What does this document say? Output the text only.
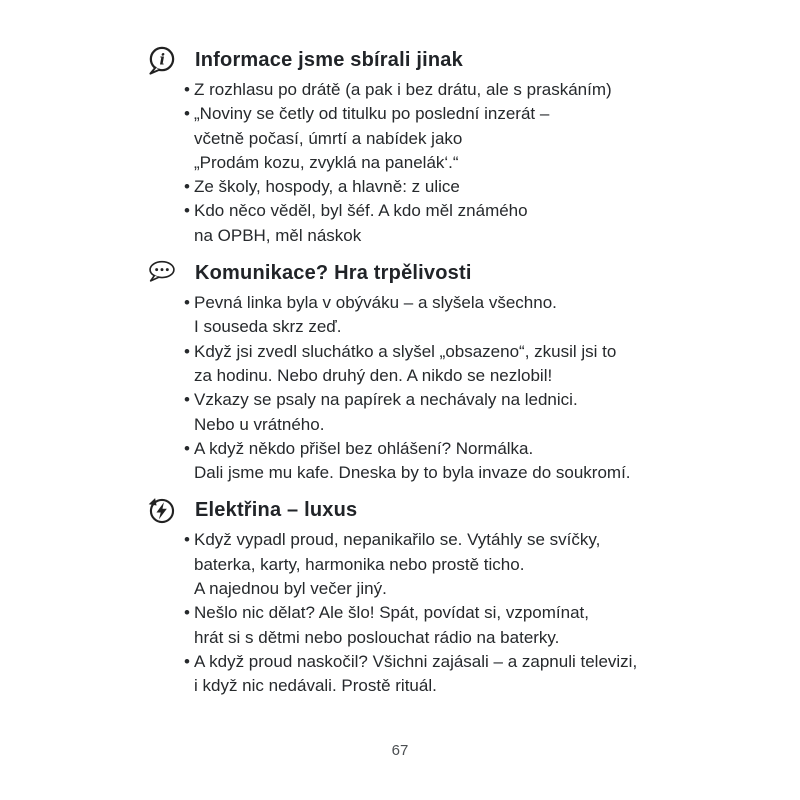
Informace jsme sbírali jinak
• Z rozhlasu po drátě (a pak i bez drátu, ale s praskáním)
• „Noviny se četly od titulku po poslední inzerát –
včetně počasí, úmrtí a nabídek jako
„Prodám kozu, zvyklá na panelák‘.“
• Ze školy, hospody, a hlavně: z ulice
• Kdo něco věděl, byl šéf. A kdo měl známého
na OPBH, měl náskok
Komunikace? Hra trpělivosti
• Pevná linka byla v obýváku – a slyšela všechno.
I souseda skrz zeď.
• Když jsi zvedl sluchátko a slyšel „obsazeno“, zkusil jsi to
za hodinu. Nebo druhý den. A nikdo se nezlobil!
• Vzkazy se psaly na papírek a nechávaly na lednici.
Nebo u vrátného.
• A když někdo přišel bez ohlášení? Normálka.
Dali jsme mu kafe. Dneska by to byla invaze do soukromí.
Elektřina – luxus
• Když vypadl proud, nepanikařilo se. Vytáhly se svíčky,
baterka, karty, harmonika nebo prostě ticho.
A najednou byl večer jiný.
• Nešlo nic dělat? Ale šlo! Spát, povídat si, vzpomínat,
hrát si s dětmi nebo poslouchat rádio na baterky.
• A když proud naskočil? Všichni zajásali – a zapnuli televizi,
i když nic nedávali. Prostě rituál.
67
